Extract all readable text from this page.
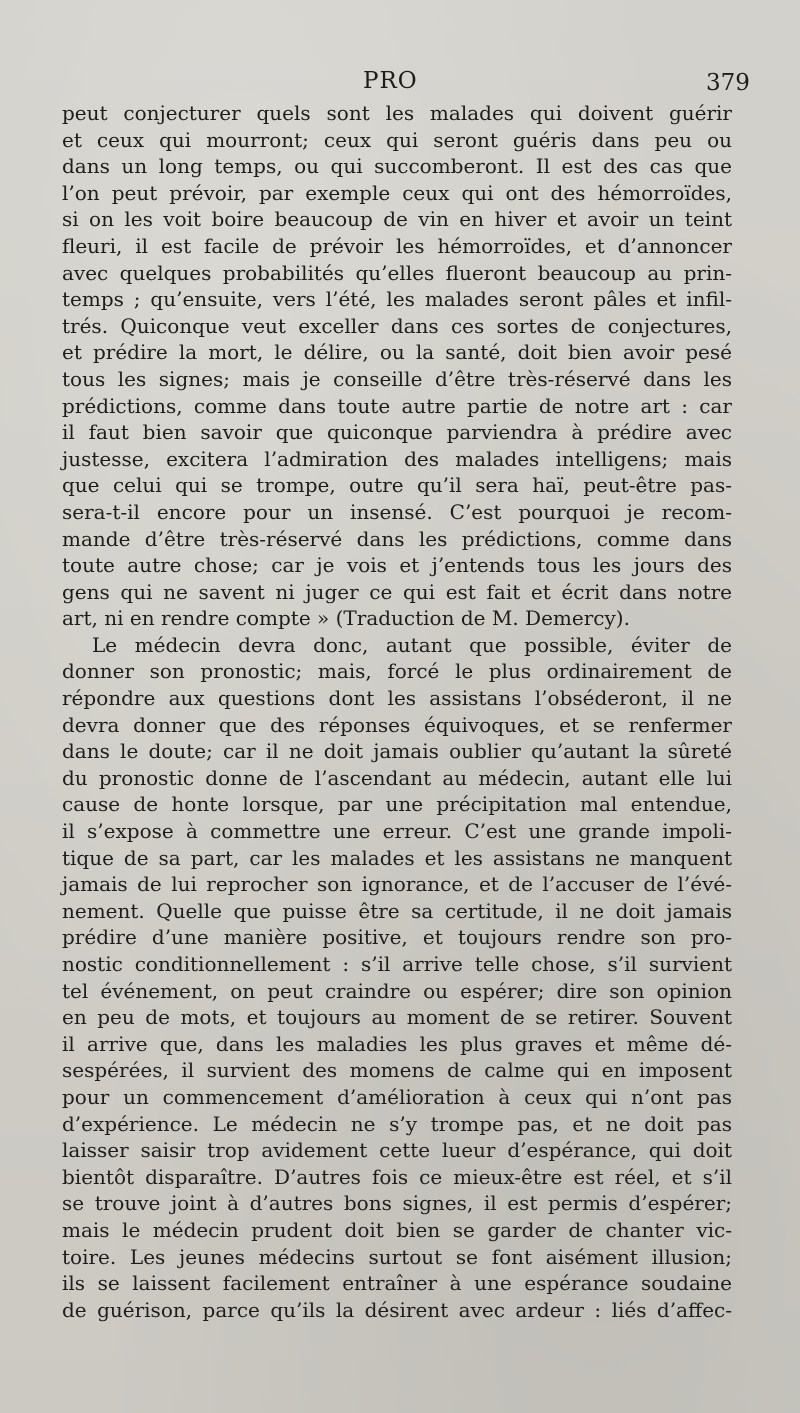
PRO	379
peut conjecturer quels sont les malades qui doivent guérir
et ceux qui mourront; ceux qui seront guéris dans peu ou
dans un long temps, ou qui succomberont. Il est des cas que
l’on peut prévoir, par exemple ceux qui ont des hémorroïdes,
si on les voit boire beaucoup de vin en hiver et avoir un teint
fleuri, il est facile de prévoir les hémorroïdes, et d’annoncer
avec quelques probabilités qu’elles flueront beaucoup au prin-
temps ; qu’ensuite, vers l’été, les malades seront pâles et infil-
trés. Quiconque veut exceller dans ces sortes de conjectures,
et prédire la mort, le délire, ou la santé, doit bien avoir pesé
tous les signes; mais je conseille d’être très-réservé dans les
prédictions, comme dans toute autre partie de notre art : car
il faut bien savoir que quiconque parviendra à prédire avec
justesse, excitera l’admiration des malades intelligens; mais
que celui qui se trompe, outre qu’il sera haï, peut-être pas-
sera-t-il encore pour un insensé. C’est pourquoi je recom-
mande d’être très-réservé dans les prédictions, comme dans
toute autre chose; car je vois et j’entends tous les jours des
gens qui ne savent ni juger ce qui est fait et écrit dans notre
art, ni en rendre compte » (Traduction de M. Demercy).
Le médecin devra donc, autant que possible, éviter de
donner son pronostic; mais, forcé le plus ordinairement de
répondre aux questions dont les assistans l’obséderont, il ne
devra donner que des réponses équivoques, et se renfermer
dans le doute; car il ne doit jamais oublier qu’autant la sûreté
du pronostic donne de l’ascendant au médecin, autant elle lui
cause de honte lorsque, par une précipitation mal entendue,
il s’expose à commettre une erreur. C’est une grande impoli-
tique de sa part, car les malades et les assistans ne manquent
jamais de lui reprocher son ignorance, et de l’accuser de l’évé-
nement. Quelle que puisse être sa certitude, il ne doit jamais
prédire d’une manière positive, et toujours rendre son pro-
nostic conditionnellement : s’il arrive telle chose, s’il survient
tel événement, on peut craindre ou espérer; dire son opinion
en peu de mots, et toujours au moment de se retirer. Souvent
il arrive que, dans les maladies les plus graves et même dé-
sespérées, il survient des momens de calme qui en imposent
pour un commencement d’amélioration à ceux qui n’ont pas
d’expérience. Le médecin ne s’y trompe pas, et ne doit pas
laisser saisir trop avidement cette lueur d’espérance, qui doit
bientôt disparaître. D’autres fois ce mieux-être est réel, et s’il
se trouve joint à d’autres bons signes, il est permis d’espérer;
mais le médecin prudent doit bien se garder de chanter vic-
toire. Les jeunes médecins surtout se font aisément illusion;
ils se laissent facilement entraîner à une espérance soudaine
de guérison, parce qu’ils la désirent avec ardeur : liés d’affec-
